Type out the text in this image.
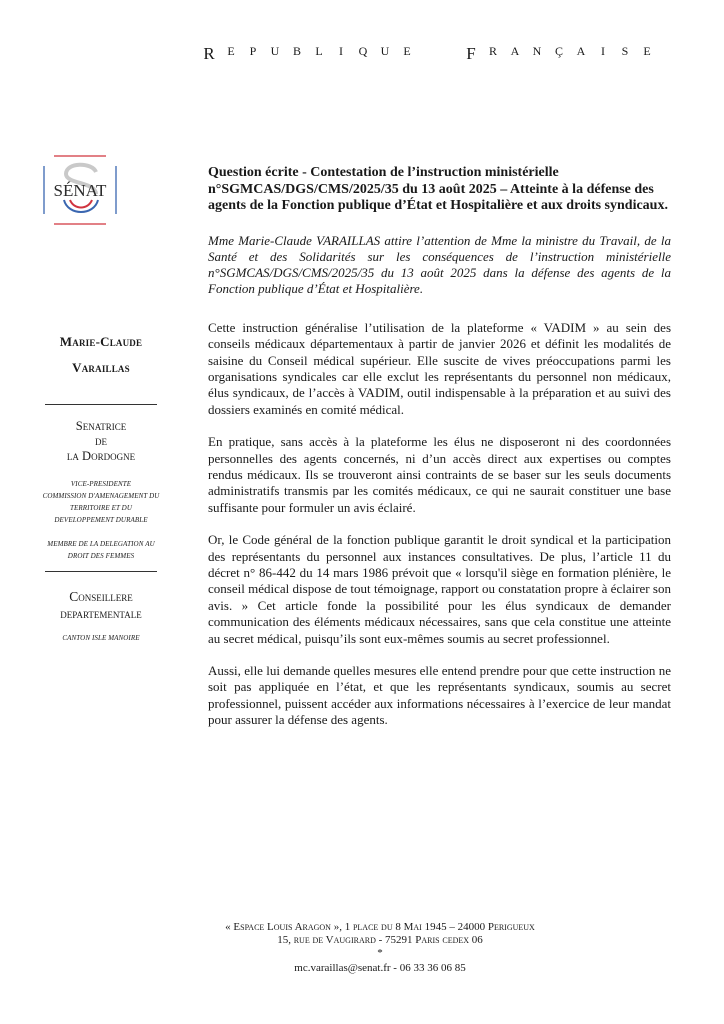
R	E	P	U	B	L	I	Q	U	E	F	R	A	N	Ç	A	I	S	E
SÉNAT
Marie-Claude
Varaillas
Senatrice
de
la Dordogne
VICE-PRESIDENTE
COMMISSION D'AMENAGEMENT DU
TERRITOIRE ET DU
DEVELOPPEMENT DURABLE
MEMBRE DE LA DELEGATION AU
DROIT DES FEMMES
Conseillere
departementale
CANTON ISLE MANOIRE

Question écrite - Contestation de l’instruction ministérielle n°SGMCAS/DGS/CMS/2025/35 du 13 août 2025 – Atteinte à la défense des agents de la Fonction publique d’État et Hospitalière et aux droits syndicaux.

Mme Marie-Claude VARAILLAS attire l’attention de Mme la ministre du Travail, de la Santé et des Solidarités sur les conséquences de l’instruction ministérielle n°SGMCAS/DGS/CMS/2025/35 du 13 août 2025 dans la défense des agents de la Fonction publique d’État et Hospitalière.

Cette instruction généralise l’utilisation de la plateforme « VADIM » au sein des conseils médicaux départementaux à partir de janvier 2026 et définit les modalités de saisine du Conseil médical supérieur. Elle suscite de vives préoccupations parmi les organisations syndicales car elle exclut les représentants du personnel non médicaux, élus syndicaux, de l’accès à VADIM, outil indispensable à la préparation et au suivi des dossiers examinés en comité médical.

En pratique, sans accès à la plateforme les élus ne disposeront ni des coordonnées personnelles des agents concernés, ni d’un accès direct aux expertises ou comptes rendus médicaux. Ils se trouveront ainsi contraints de se baser sur les seuls documents administratifs transmis par les comités médicaux, ce qui ne saurait constituer une base suffisante pour formuler un avis éclairé.

Or, le Code général de la fonction publique garantit le droit syndical et la participation des représentants du personnel aux instances consultatives. De plus, l’article 11 du décret n° 86-442 du 14 mars 1986 prévoit que « lorsqu'il siège en formation plénière, le conseil médical dispose de tout témoignage, rapport ou constatation propre à éclairer son avis. » Cet article fonde la possibilité pour les élus syndicaux de demander communication des éléments médicaux nécessaires, sans que cela constitue une atteinte au secret médical, puisqu’ils sont eux-mêmes soumis au secret professionnel.

Aussi, elle lui demande quelles mesures elle entend prendre pour que cette instruction ne soit pas appliquée en l’état, et que les représentants syndicaux, soumis au secret professionnel, puissent accéder aux informations nécessaires à l’exercice de leur mandat pour assurer la défense des agents.

« Espace Louis Aragon », 1 place du 8 Mai 1945 – 24000 Perigueux
15, rue de Vaugirard - 75291 Paris cedex 06
*
mc.varaillas@senat.fr - 06 33 36 06 85
